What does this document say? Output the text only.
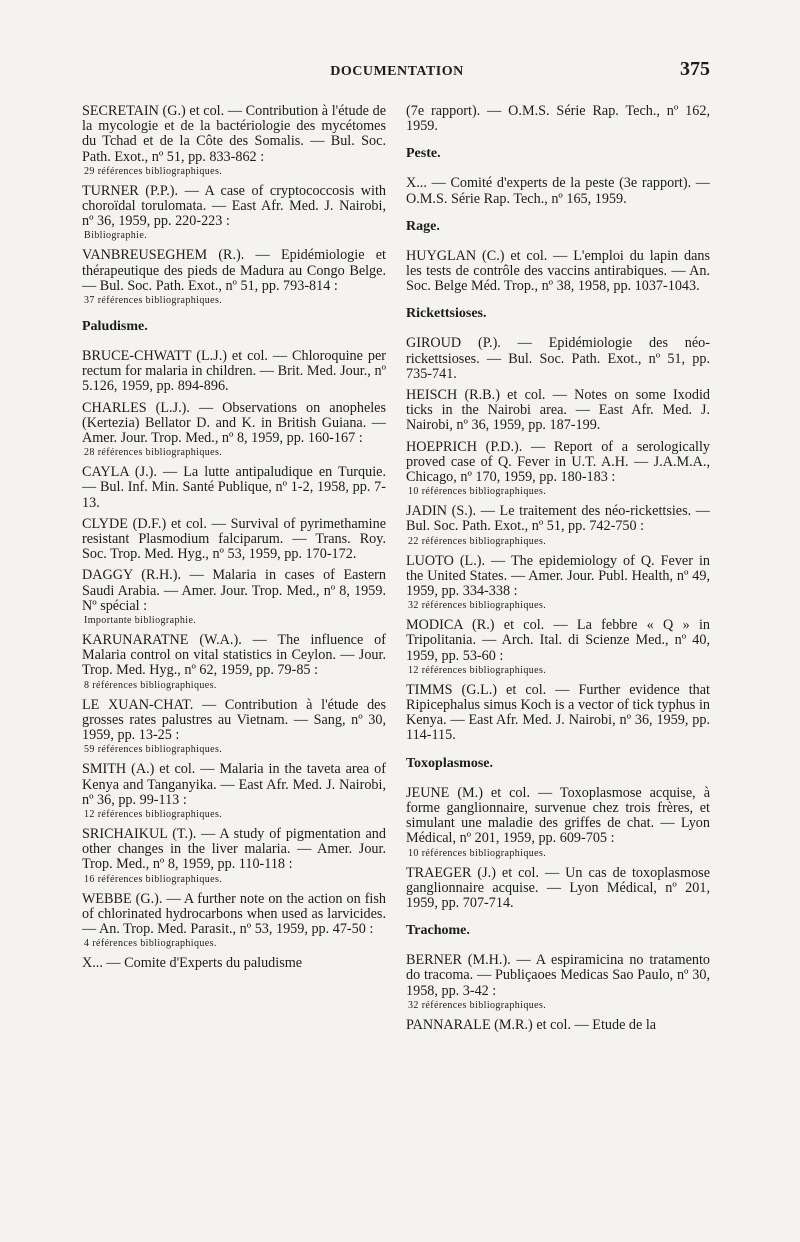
DOCUMENTATION	375
SECRETAIN (G.) et col. — Contribution à l'étude de la mycologie et de la bactériologie des mycétomes du Tchad et de la Côte des Somalis. — Bul. Soc. Path. Exot., nº 51, pp. 833-862 :
29 références bibliographiques.
TURNER (P.P.). — A case of cryptococcosis with choroïdal torulomata. — East Afr. Med. J. Nairobi, nº 36, 1959, pp. 220-223 :
Bibliographie.
VANBREUSEGHEM (R.). — Epidémiologie et thérapeutique des pieds de Madura au Congo Belge. — Bul. Soc. Path. Exot., nº 51, pp. 793-814 :
37 références bibliographiques.
Paludisme.
BRUCE-CHWATT (L.J.) et col. — Chloroquine per rectum for malaria in children. — Brit. Med. Jour., nº 5.126, 1959, pp. 894-896.
CHARLES (L.J.). — Observations on anopheles (Kertezia) Bellator D. and K. in British Guiana. — Amer. Jour. Trop. Med., nº 8, 1959, pp. 160-167 :
28 références bibliographiques.
CAYLA (J.). — La lutte antipaludique en Turquie. — Bul. Inf. Min. Santé Publique, nº 1-2, 1958, pp. 7-13.
CLYDE (D.F.) et col. — Survival of pyrimethamine resistant Plasmodium falciparum. — Trans. Roy. Soc. Trop. Med. Hyg., nº 53, 1959, pp. 170-172.
DAGGY (R.H.). — Malaria in cases of Eastern Saudi Arabia. — Amer. Jour. Trop. Med., nº 8, 1959. Nº spécial :
Importante bibliographie.
KARUNARATNE (W.A.). — The influence of Malaria control on vital statistics in Ceylon. — Jour. Trop. Med. Hyg., nº 62, 1959, pp. 79-85 :
8 références bibliographiques.
LE XUAN-CHAT. — Contribution à l'étude des grosses rates palustres au Vietnam. — Sang, nº 30, 1959, pp. 13-25 :
59 références bibliographiques.
SMITH (A.) et col. — Malaria in the taveta area of Kenya and Tanganyika. — East Afr. Med. J. Nairobi, nº 36, pp. 99-113 :
12 références bibliographiques.
SRICHAIKUL (T.). — A study of pigmentation and other changes in the liver malaria. — Amer. Jour. Trop. Med., nº 8, 1959, pp. 110-118 :
16 références bibliographiques.
WEBBE (G.). — A further note on the action on fish of chlorinated hydrocarbons when used as larvicides. — An. Trop. Med. Parasit., nº 53, 1959, pp. 47-50 :
4 références bibliographiques.
X... — Comite d'Experts du paludisme
(7e rapport). — O.M.S. Série Rap. Tech., nº 162, 1959.
Peste.
X... — Comité d'experts de la peste (3e rapport). — O.M.S. Série Rap. Tech., nº 165, 1959.
Rage.
HUYGLAN (C.) et col. — L'emploi du lapin dans les tests de contrôle des vaccins antirabiques. — An. Soc. Belge Méd. Trop., nº 38, 1958, pp. 1037-1043.
Rickettsioses.
GIROUD (P.). — Epidémiologie des néo-rickettsioses. — Bul. Soc. Path. Exot., nº 51, pp. 735-741.
HEISCH (R.B.) et col. — Notes on some Ixodid ticks in the Nairobi area. — East Afr. Med. J. Nairobi, nº 36, 1959, pp. 187-199.
HOEPRICH (P.D.). — Report of a serologically proved case of Q. Fever in U.T. A.H. — J.A.M.A., Chicago, nº 170, 1959, pp. 180-183 :
10 références bibliographiques.
JADIN (S.). — Le traitement des néo-rickettsies. — Bul. Soc. Path. Exot., nº 51, pp. 742-750 :
22 références bibliographiques.
LUOTO (L.). — The epidemiology of Q. Fever in the United States. — Amer. Jour. Publ. Health, nº 49, 1959, pp. 334-338 :
32 références bibliographiques.
MODICA (R.) et col. — La febbre « Q » in Tripolitania. — Arch. Ital. di Scienze Med., nº 40, 1959, pp. 53-60 :
12 références bibliographiques.
TIMMS (G.L.) et col. — Further evidence that Ripicephalus simus Koch is a vector of tick typhus in Kenya. — East Afr. Med. J. Nairobi, nº 36, 1959, pp. 114-115.
Toxoplasmose.
JEUNE (M.) et col. — Toxoplasmose acquise, à forme ganglionnaire, survenue chez trois frères, et simulant une maladie des griffes de chat. — Lyon Médical, nº 201, 1959, pp. 609-705 :
10 références bibliographiques.
TRAEGER (J.) et col. — Un cas de toxoplasmose ganglionnaire acquise. — Lyon Médical, nº 201, 1959, pp. 707-714.
Trachome.
BERNER (M.H.). — A espiramicina no tratamento do tracoma. — Publiçaoes Medicas Sao Paulo, nº 30, 1958, pp. 3-42 :
32 références bibliographiques.
PANNARALE (M.R.) et col. — Etude de la
